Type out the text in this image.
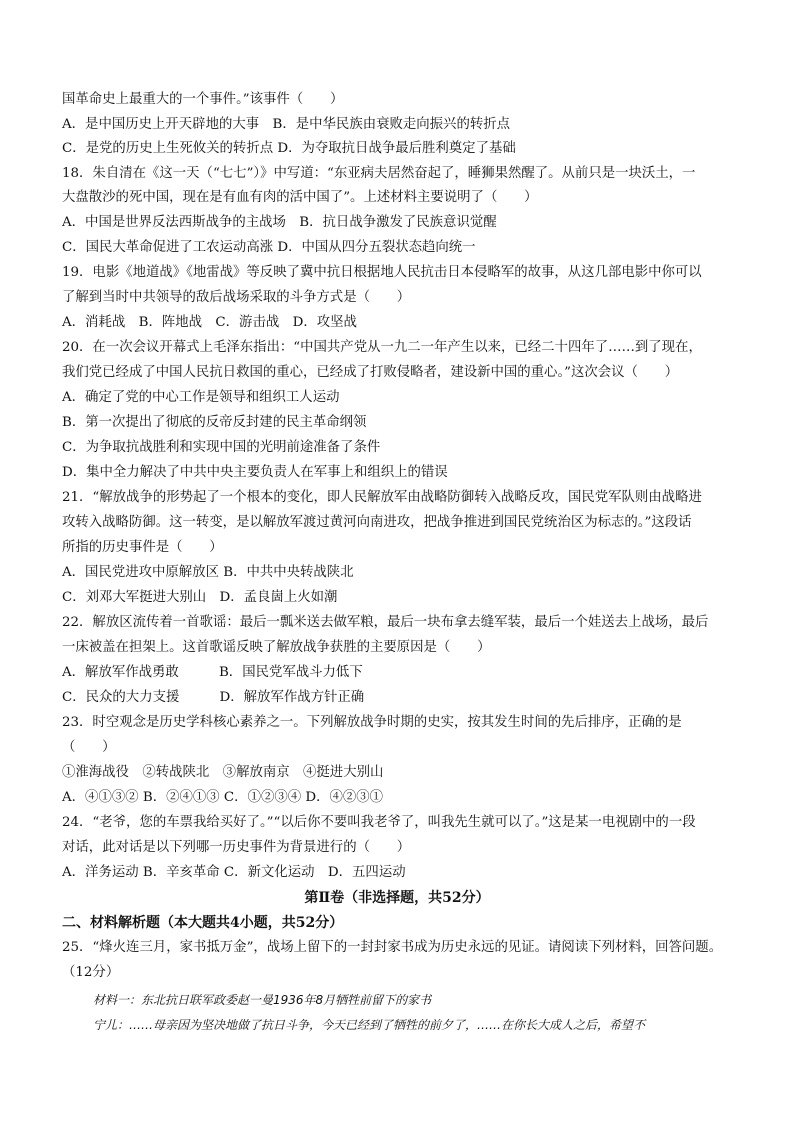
国革命史上最重大的一个事件。”该事件（　　）
A．是中国历史上开天辟地的大事　B．是中华民族由衰败走向振兴的转折点
C．是党的历史上生死攸关的转折点 D．为夺取抗日战争最后胜利奠定了基础
18．朱自清在《这一天（“七七”）》中写道：“东亚病夫居然奋起了，睡狮果然醒了。从前只是一块沃土，一
大盘散沙的死中国，现在是有血有肉的活中国了”。上述材料主要说明了（　　）
A．中国是世界反法西斯战争的主战场　B．抗日战争激发了民族意识觉醒
C．国民大革命促进了工农运动高涨 D．中国从四分五裂状态趋向统一
19．电影《地道战》《地雷战》等反映了冀中抗日根据地人民抗击日本侵略军的故事，从这几部电影中你可以
了解到当时中共领导的敌后战场采取的斗争方式是（　　）
A．消耗战　B．阵地战　C．游击战　D．攻坚战
20．在一次会议开幕式上毛泽东指出：“中国共产党从一九二一年产生以来，已经二十四年了……到了现在，
我们党已经成了中国人民抗日救国的重心，已经成了打败侵略者，建设新中国的重心。”这次会议（　　）
A．确定了党的中心工作是领导和组织工人运动
B．第一次提出了彻底的反帝反封建的民主革命纲领
C．为争取抗战胜利和实现中国的光明前途准备了条件
D．集中全力解决了中共中央主要负责人在军事上和组织上的错误
21．“解放战争的形势起了一个根本的变化，即人民解放军由战略防御转入战略反攻，国民党军队则由战略进
攻转入战略防御。这一转变，是以解放军渡过黄河向南进攻，把战争推进到国民党统治区为标志的。”这段话
所指的历史事件是（　　）
A．国民党进攻中原解放区 B．中共中央转战陕北
C．刘邓大军挺进大别山　D．孟良崮上火如潮
22．解放区流传着一首歌谣：最后一瓢米送去做军粮，最后一块布拿去缝军装，最后一个娃送去上战场，最后
一床被盖在担架上。这首歌谣反映了解放战争获胜的主要原因是（　　）
A．解放军作战勇敢　　　B．国民党军战斗力低下
C．民众的大力支援　　　D．解放军作战方针正确
23．时空观念是历史学科核心素养之一。下列解放战争时期的史实，按其发生时间的先后排序，正确的是
（　　）
①淮海战役　②转战陕北　③解放南京　④挺进大别山
A．④①③② B．②④①③ C．①②③④ D．④②③①
24．“老爷，您的车票我给买好了。”“以后你不要叫我老爷了，叫我先生就可以了。”这是某一电视剧中的一段
对话，此对话是以下列哪一历史事件为背景进行的（　　）
A．洋务运动 B．辛亥革命 C．新文化运动　D．五四运动
第Ⅱ卷（非选择题，共52分）
二、材料解析题（本大题共4小题，共52分）
25．“烽火连三月，家书抵万金”，战场上留下的一封封家书成为历史永远的见证。请阅读下列材料，回答问题。
（12分）
材料一：东北抗日联军政委赵一曼1936年8月牺牲前留下的家书
宁儿：……母亲因为坚决地做了抗日斗争，今天已经到了牺牲的前夕了，……在你长大成人之后，希望不
